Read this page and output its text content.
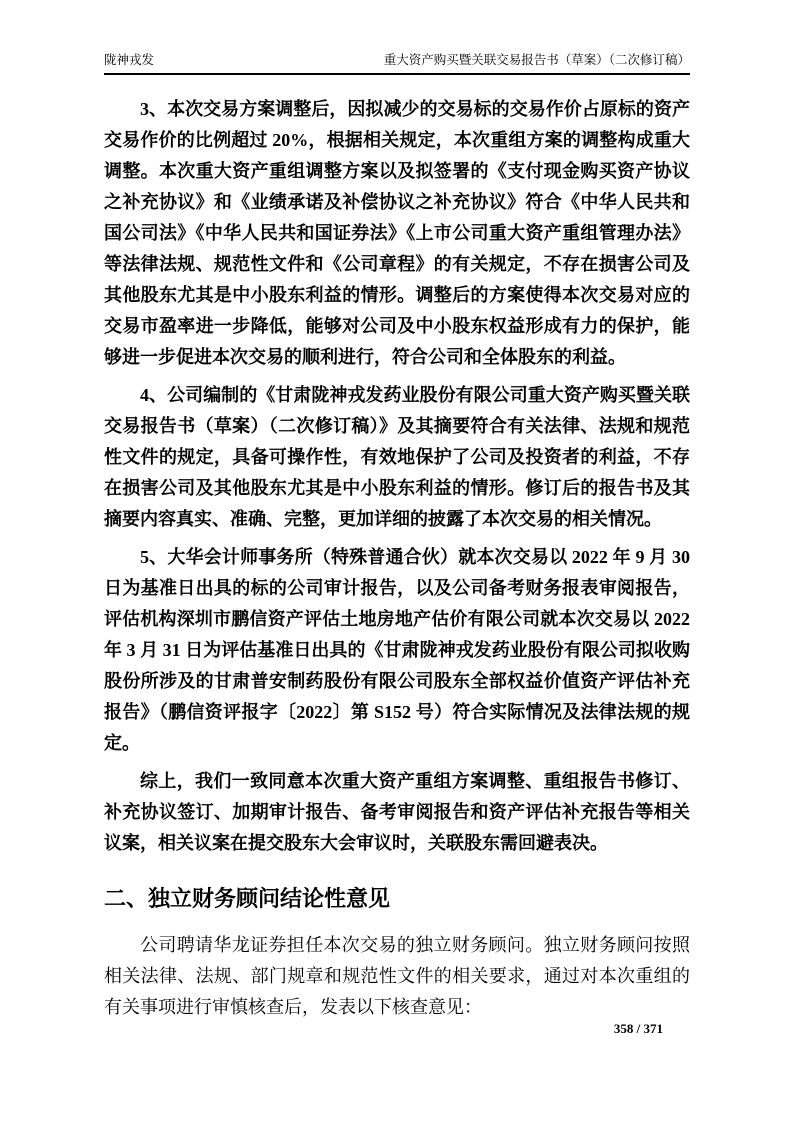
陇神戎发	重大资产购买暨关联交易报告书（草案）（二次修订稿）

3、本次交易方案调整后，因拟减少的交易标的交易作价占原标的资产交易作价的比例超过 20%，根据相关规定，本次重组方案的调整构成重大调整。本次重大资产重组调整方案以及拟签署的《支付现金购买资产协议之补充协议》和《业绩承诺及补偿协议之补充协议》符合《中华人民共和国公司法》《中华人民共和国证券法》《上市公司重大资产重组管理办法》等法律法规、规范性文件和《公司章程》的有关规定，不存在损害公司及其他股东尤其是中小股东利益的情形。调整后的方案使得本次交易对应的交易市盈率进一步降低，能够对公司及中小股东权益形成有力的保护，能够进一步促进本次交易的顺利进行，符合公司和全体股东的利益。

4、公司编制的《甘肃陇神戎发药业股份有限公司重大资产购买暨关联交易报告书（草案）（二次修订稿）》及其摘要符合有关法律、法规和规范性文件的规定，具备可操作性，有效地保护了公司及投资者的利益，不存在损害公司及其他股东尤其是中小股东利益的情形。修订后的报告书及其摘要内容真实、准确、完整，更加详细的披露了本次交易的相关情况。

5、大华会计师事务所（特殊普通合伙）就本次交易以 2022 年 9 月 30 日为基准日出具的标的公司审计报告，以及公司备考财务报表审阅报告，评估机构深圳市鹏信资产评估土地房地产估价有限公司就本次交易以 2022 年 3 月 31 日为评估基准日出具的《甘肃陇神戎发药业股份有限公司拟收购股份所涉及的甘肃普安制药股份有限公司股东全部权益价值资产评估补充报告》（鹏信资评报字〔2022〕第 S152 号）符合实际情况及法律法规的规定。

综上，我们一致同意本次重大资产重组方案调整、重组报告书修订、补充协议签订、加期审计报告、备考审阅报告和资产评估补充报告等相关议案，相关议案在提交股东大会审议时，关联股东需回避表决。

二、独立财务顾问结论性意见

公司聘请华龙证券担任本次交易的独立财务顾问。独立财务顾问按照相关法律、法规、部门规章和规范性文件的相关要求，通过对本次重组的有关事项进行审慎核查后，发表以下核查意见：

358 / 371
